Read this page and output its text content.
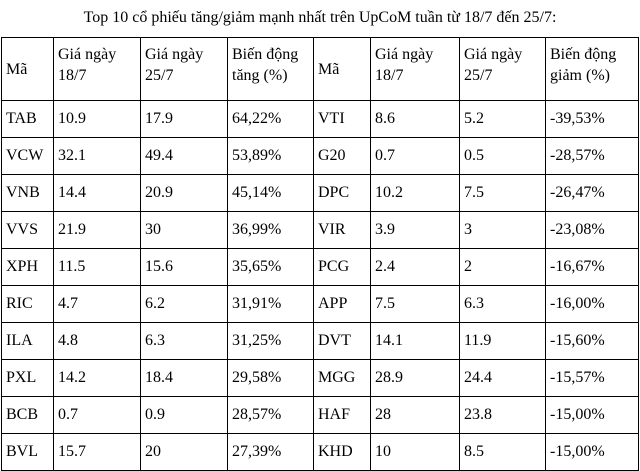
Top 10 cổ phiếu tăng/giảm mạnh nhất trên UpCoM tuần từ 18/7 đến 25/7:
Mã	Giá ngày 18/7	Giá ngày 25/7	Biến động tăng (%)	Mã	Giá ngày 18/7	Giá ngày 25/7	Biến động giảm (%)
TAB	10.9	17.9	64,22%	VTI	8.6	5.2	-39,53%
VCW	32.1	49.4	53,89%	G20	0.7	0.5	-28,57%
VNB	14.4	20.9	45,14%	DPC	10.2	7.5	-26,47%
VVS	21.9	30	36,99%	VIR	3.9	3	-23,08%
XPH	11.5	15.6	35,65%	PCG	2.4	2	-16,67%
RIC	4.7	6.2	31,91%	APP	7.5	6.3	-16,00%
ILA	4.8	6.3	31,25%	DVT	14.1	11.9	-15,60%
PXL	14.2	18.4	29,58%	MGG	28.9	24.4	-15,57%
BCB	0.7	0.9	28,57%	HAF	28	23.8	-15,00%
BVL	15.7	20	27,39%	KHD	10	8.5	-15,00%
